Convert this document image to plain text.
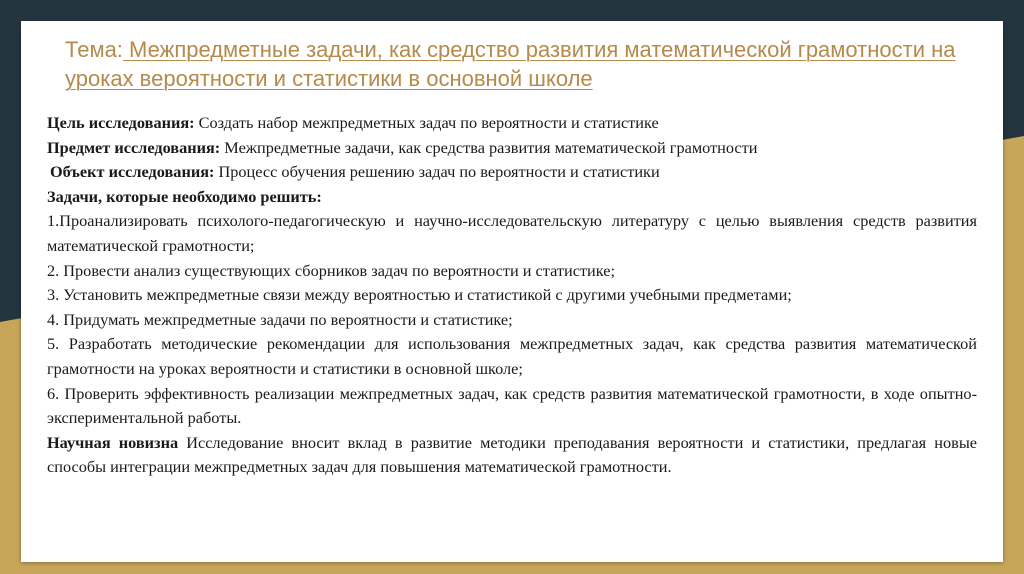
Тема: Межпредметные задачи, как средство развития математической грамотности на уроках вероятности и статистики в основной школе

Цель исследования: Создать набор межпредметных задач по вероятности и статистике

Предмет исследования: Межпредметные задачи, как средства развития математической грамотности

Объект исследования: Процесс обучения решению задач по вероятности и статистики

Задачи, которые необходимо решить:

1.Проанализировать психолого-педагогическую и научно-исследовательскую литературу с целью выявления средств развития математической грамотности;

2. Провести анализ существующих сборников задач по вероятности и статистике;

3. Установить межпредметные связи между вероятностью и статистикой с другими учебными предметами;

4. Придумать межпредметные задачи по вероятности и статистике;

5. Разработать методические рекомендации для использования межпредметных задач, как средства развития математической грамотности на уроках вероятности и статистики в основной школе;

6. Проверить эффективность реализации межпредметных задач, как средств развития математической грамотности, в ходе опытно-экспериментальной работы.

Научная новизна Исследование вносит вклад в развитие методики преподавания вероятности и статистики, предлагая новые способы интеграции межпредметных задач для повышения математической грамотности.
